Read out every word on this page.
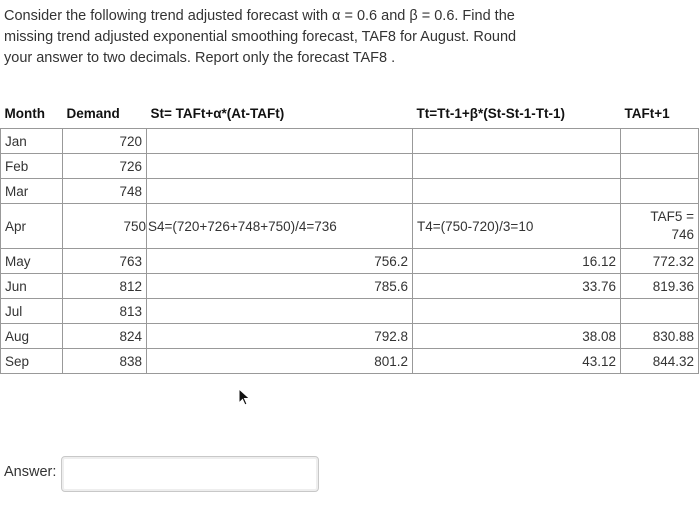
Consider the following trend adjusted forecast with α = 0.6 and β = 0.6. Find the
missing trend adjusted exponential smoothing forecast, TAF8 for August. Round
your answer to two decimals. Report only the forecast TAF8 .
Month	Demand	St= TAFt+α*(At-TAFt)	Tt=Tt-1+β*(St-St-1-Tt-1)	TAFt+1
Jan	720			
Feb	726			
Mar	748			
Apr	750	S4=(720+726+748+750)/4=736	T4=(750-720)/3=10	TAF5 =
746

May	763	756.2	16.12	772.32
Jun	812	785.6	33.76	819.36
Jul	813			
Aug	824	792.8	38.08	830.88
Sep	838	801.2	43.12	844.32
Answer:
